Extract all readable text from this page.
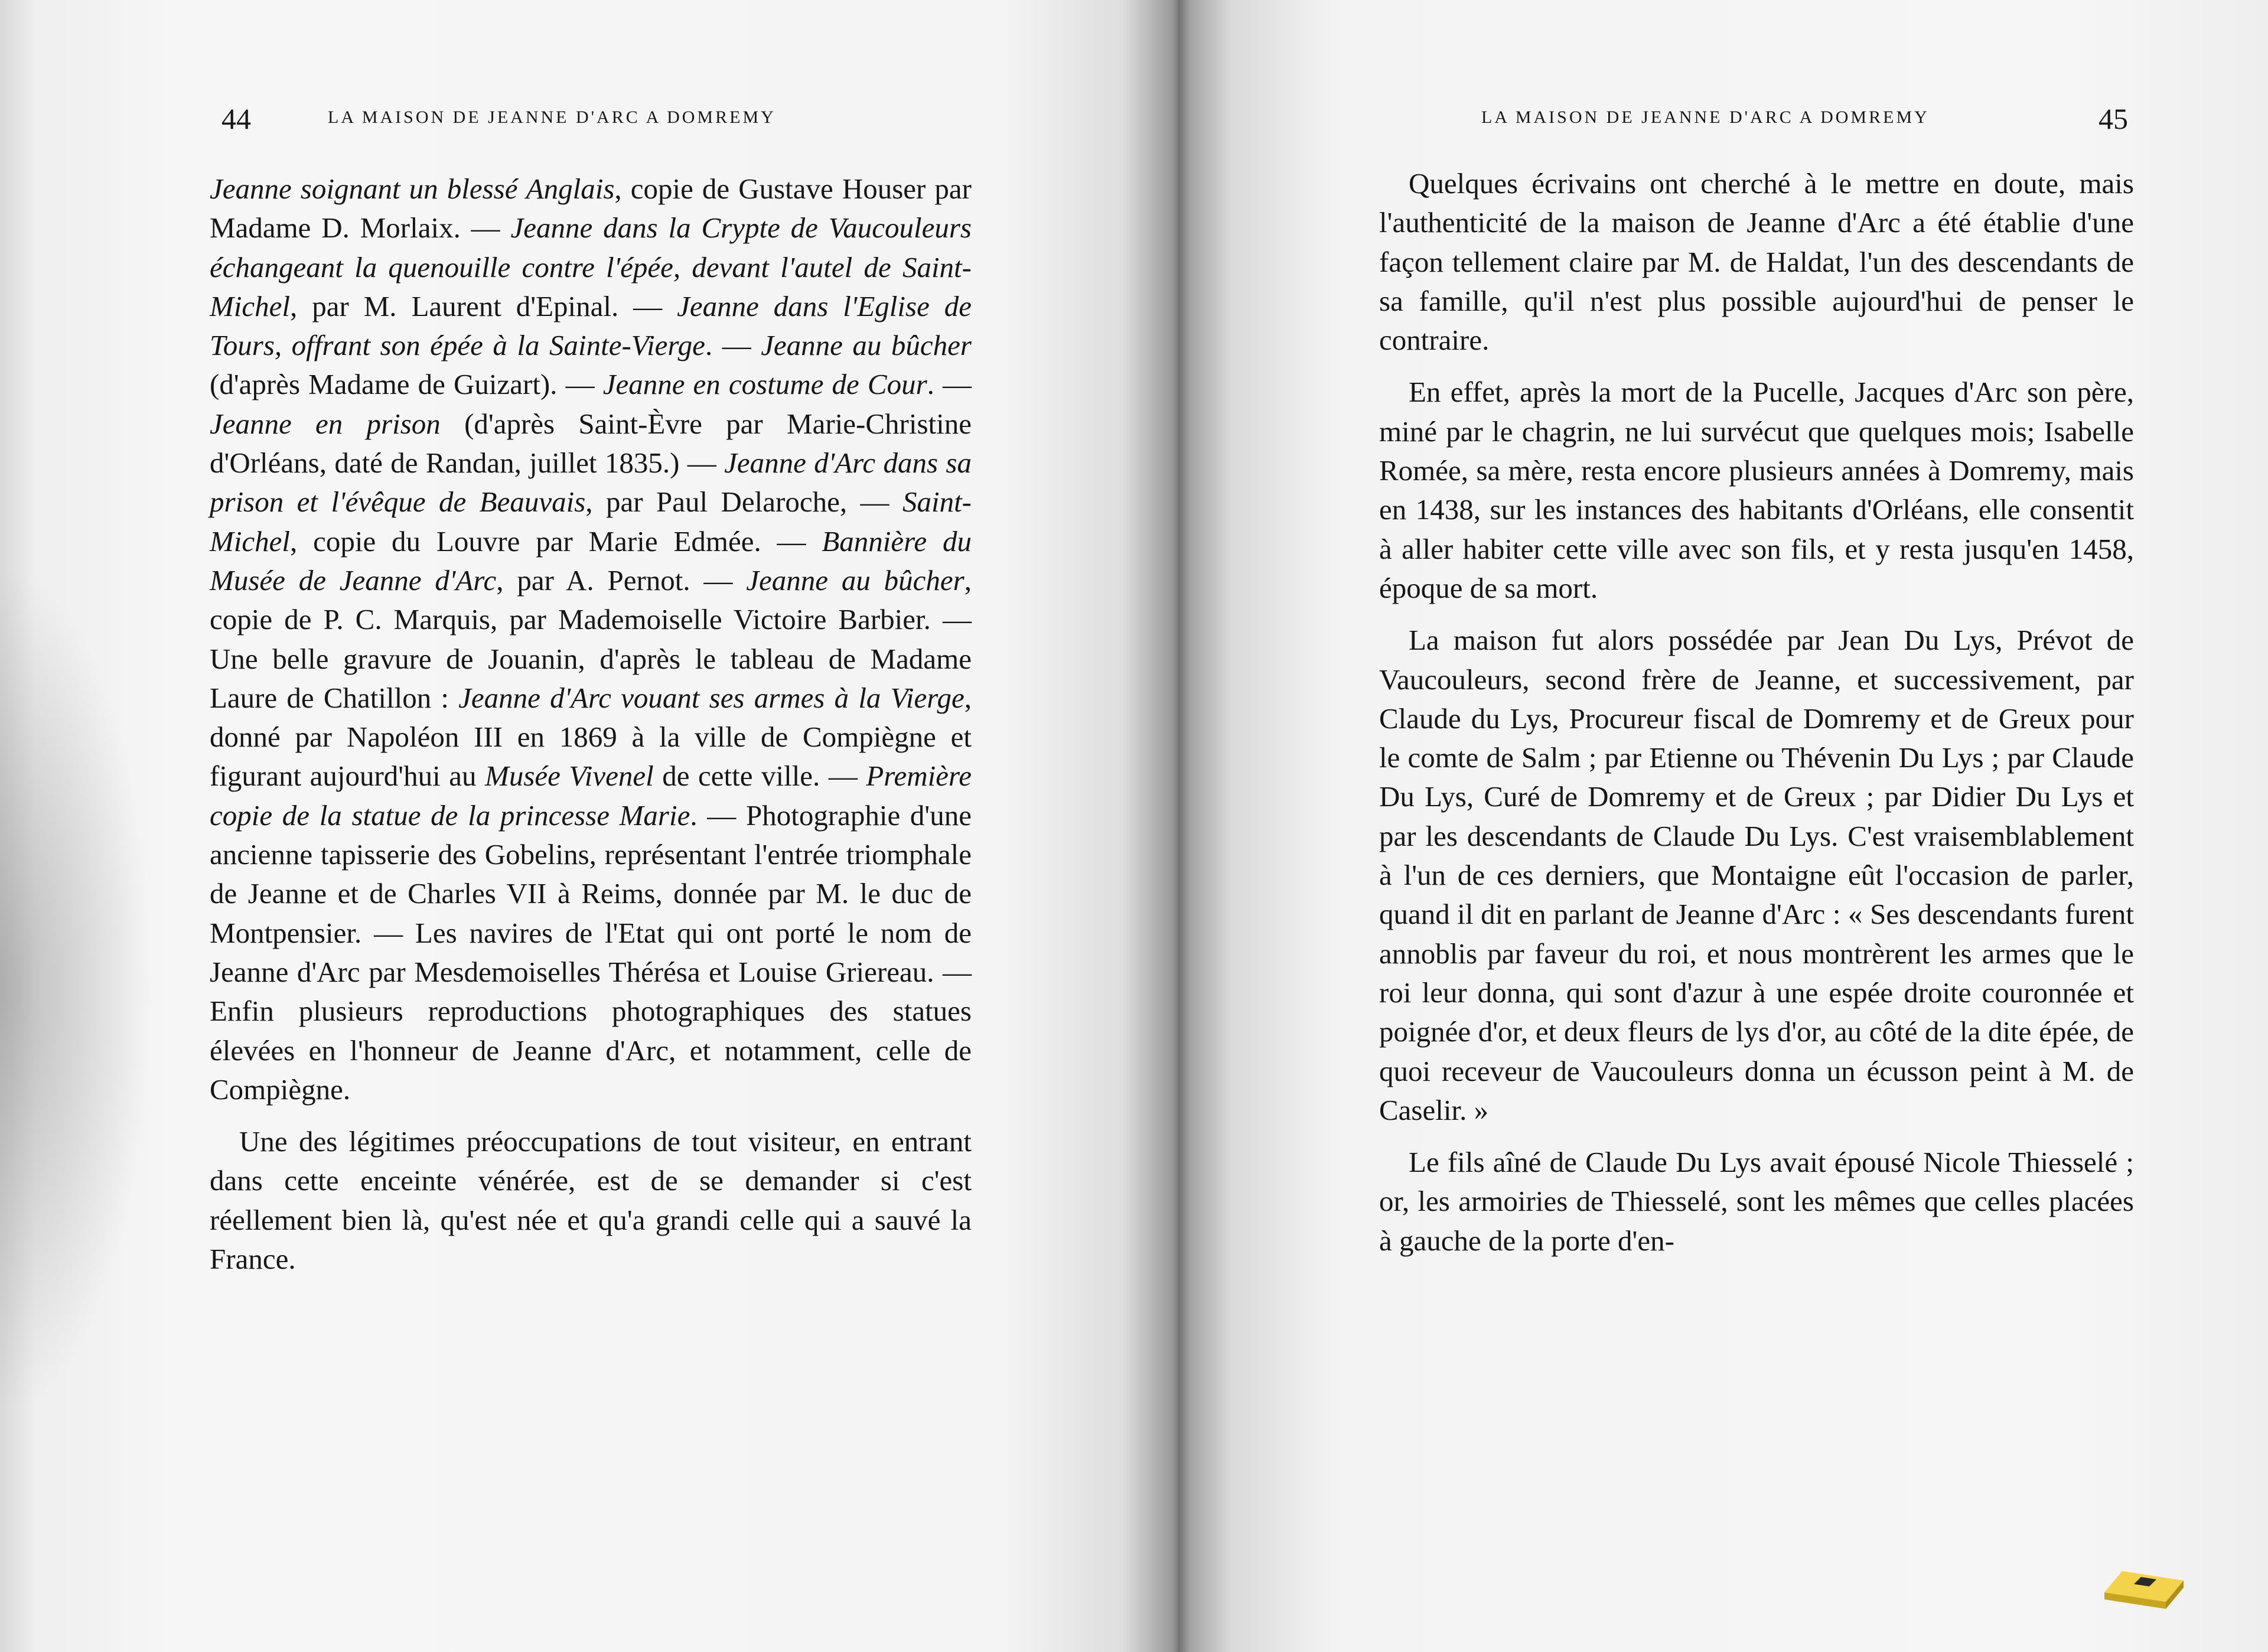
44	LA MAISON DE JEANNE D'ARC A DOMREMY

Jeanne soignant un blessé Anglais, copie de Gustave Houser par Madame D. Morlaix. — Jeanne dans la Crypte de Vaucouleurs échangeant la quenouille contre l'épée, devant l'autel de Saint-Michel, par M. Laurent d'Epinal. — Jeanne dans l'Eglise de Tours, offrant son épée à la Sainte-Vierge. — Jeanne au bûcher (d'après Madame de Guizart). — Jeanne en costume de Cour. — Jeanne en prison (d'après Saint-Èvre par Marie-Christine d'Orléans, daté de Randan, juillet 1835.) — Jeanne d'Arc dans sa prison et l'évêque de Beauvais, par Paul Delaroche, — Saint-Michel, copie du Louvre par Marie Edmée. — Bannière du Musée de Jeanne d'Arc, par A. Pernot. — Jeanne au bûcher, copie de P. C. Marquis, par Mademoiselle Victoire Barbier. — Une belle gravure de Jouanin, d'après le tableau de Madame Laure de Chatillon : Jeanne d'Arc vouant ses armes à la Vierge, donné par Napoléon III en 1869 à la ville de Compiègne et figurant aujourd'hui au Musée Vivenel de cette ville. — Première copie de la statue de la princesse Marie. — Photographie d'une ancienne tapisserie des Gobelins, représentant l'entrée triomphale de Jeanne et de Charles VII à Reims, donnée par M. le duc de Montpensier. — Les navires de l'Etat qui ont porté le nom de Jeanne d'Arc par Mesdemoiselles Thérésa et Louise Griereau. — Enfin plusieurs reproductions photographiques des statues élevées en l'honneur de Jeanne d'Arc, et notamment, celle de Compiègne.

Une des légitimes préoccupations de tout visiteur, en entrant dans cette enceinte vénérée, est de se demander si c'est réellement bien là, qu'est née et qu'a grandi celle qui a sauvé la France.

LA MAISON DE JEANNE D'ARC A DOMREMY	45

Quelques écrivains ont cherché à le mettre en doute, mais l'authenticité de la maison de Jeanne d'Arc a été établie d'une façon tellement claire par M. de Haldat, l'un des descendants de sa famille, qu'il n'est plus possible aujourd'hui de penser le contraire.

En effet, après la mort de la Pucelle, Jacques d'Arc son père, miné par le chagrin, ne lui survécut que quelques mois; Isabelle Romée, sa mère, resta encore plusieurs années à Domremy, mais en 1438, sur les instances des habitants d'Orléans, elle consentit à aller habiter cette ville avec son fils, et y resta jusqu'en 1458, époque de sa mort.

La maison fut alors possédée par Jean Du Lys, Prévot de Vaucouleurs, second frère de Jeanne, et successivement, par Claude du Lys, Procureur fiscal de Domremy et de Greux pour le comte de Salm ; par Etienne ou Thévenin Du Lys ; par Claude Du Lys, Curé de Domremy et de Greux ; par Didier Du Lys et par les descendants de Claude Du Lys. C'est vraisemblablement à l'un de ces derniers, que Montaigne eût l'occasion de parler, quand il dit en parlant de Jeanne d'Arc : « Ses descendants furent annoblis par faveur du roi, et nous montrèrent les armes que le roi leur donna, qui sont d'azur à une espée droite couronnée et poignée d'or, et deux fleurs de lys d'or, au côté de la dite épée, de quoi receveur de Vaucouleurs donna un écusson peint à M. de Caselir. »

Le fils aîné de Claude Du Lys avait épousé Nicole Thiesselé ; or, les armoiries de Thiesselé, sont les mêmes que celles placées à gauche de la porte d'en-
